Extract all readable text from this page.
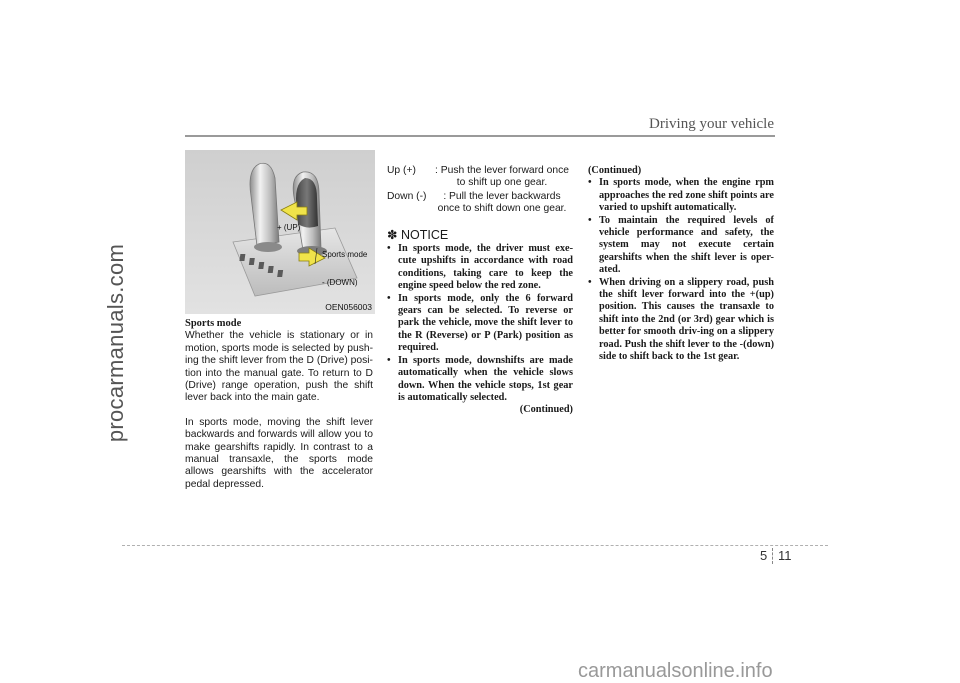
procarmanuals.com
Driving your vehicle
+ (UP)
Sports mode
- (DOWN)
OEN056003

Sports mode

Whether the vehicle is stationary or in motion, sports mode is selected by push-ing the shift lever from the D (Drive) posi-tion into the manual gate. To return to D (Drive) range operation, push the shift lever back into the main gate.

In sports mode, moving the shift lever backwards and forwards will allow you to make gearshifts rapidly. In contrast to a manual transaxle, the sports mode allows gearshifts with the accelerator pedal depressed.

Up (+)	: Push the lever forward once to shift up one gear.
Down (-)	: Pull the lever backwards once to shift down one gear.
✽ NOTICE
• In sports mode, the driver must exe-cute upshifts in accordance with road conditions, taking care to keep the engine speed below the red zone.
• In sports mode, only the 6 forward gears can be selected. To reverse or park the vehicle, move the shift lever to the R (Reverse) or P (Park) position as required.
• In sports mode, downshifts are made automatically when the vehicle slows down. When the vehicle stops, 1st gear is automatically selected.

(Continued)

(Continued)

• In sports mode, when the engine rpm approaches the red zone shift points are varied to upshift automatically.
• To maintain the required levels of vehicle performance and safety, the system may not execute certain gearshifts when the shift lever is oper-ated.
• When driving on a slippery road, push the shift lever forward into the +(up) position. This causes the transaxle to shift into the 2nd (or 3rd) gear which is better for smooth driv-ing on a slippery road. Push the shift lever to the -(down) side to shift back to the 1st gear.
5 11
carmanualsonline.info
